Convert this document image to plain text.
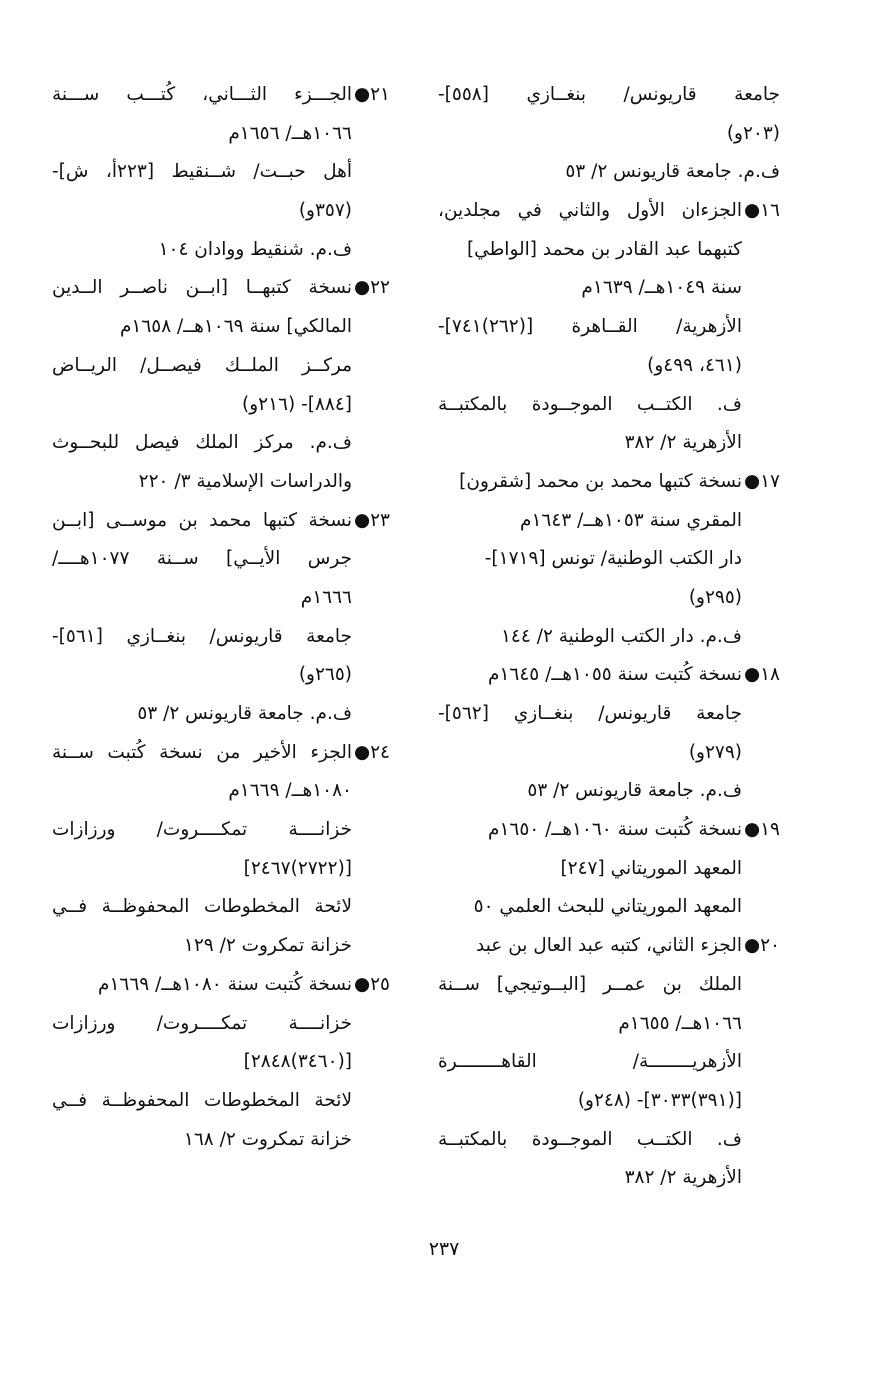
جامعة قاريونس/ بنغــازي [٥٥٨]-
(٢٠٣و)
ف.م. جامعة قاريونس ٢/ ٥٣
١٦●
الجزءان الأول والثاني في مجلدين،
كتبهما عبد القادر بن محمد [الواطي]
سنة ١٠٤٩هــ/ ١٦٣٩م
الأزهرية/ القــاهرة [(٢٦٢)٧٤١]-
(٤٦١، ٤٩٩و)
ف. الكتــب الموجــودة بالمكتبــة
الأزهرية ٢/ ٣٨٢
١٧●
نسخة كتبها محمد بن محمد [شقرون]
المقري سنة ١٠٥٣هــ/ ١٦٤٣م
دار الكتب الوطنية/ تونس [١٧١٩]-
(٢٩٥و)
ف.م. دار الكتب الوطنية ٢/ ١٤٤
١٨●
نسخة كُتبت سنة ١٠٥٥هــ/ ١٦٤٥م
جامعة قاريونس/ بنغــازي [٥٦٢]-
(٢٧٩و)
ف.م. جامعة قاريونس ٢/ ٥٣
١٩●
نسخة كُتبت سنة ١٠٦٠هــ/ ١٦٥٠م
المعهد الموريتاني [٢٤٧]
المعهد الموريتاني للبحث العلمي ٥٠
٢٠●
الجزء الثاني، كتبه عبد العال بن عبد
الملك بن عمــر [البــوتيجي] ســنة
١٠٦٦هــ/ ١٦٥٥م
الأزهريــــــــة/ القاهــــــــرة
[(٣٩١)٣٠٣٣]- (٢٤٨و)
ف. الكتــب الموجــودة بالمكتبــة
الأزهرية ٢/ ٣٨٢
٢١●
الجـــزء الثـــاني، كُتـــب ســـنة
١٠٦٦هــ/ ١٦٥٦م
أهل حبــت/ شــنقيط [٢٢٣أ، ش]-
(٣٥٧و)
ف.م. شنقيط ووادان ١٠٤
٢٢●
نسخة كتبهــا [ابــن ناصــر الــدين
المالكي] سنة ١٠٦٩هــ/ ١٦٥٨م
مركــز الملــك فيصــل/ الريــاض
[٨٨٤]- (٢١٦و)
ف.م. مركز الملك فيصل للبحــوث
والدراسات الإسلامية ٣/ ٢٢٠
٢٣●
نسخة كتبها محمد بن موســى [ابــن
جرس الأيــي] ســنة ١٠٧٧هــــ/
١٦٦٦م
جامعة قاريونس/ بنغــازي [٥٦١]-
(٢٦٥و)
ف.م. جامعة قاريونس ٢/ ٥٣
٢٤●
الجزء الأخير من نسخة كُتبت ســنة
١٠٨٠هــ/ ١٦٦٩م
خزانــــة تمكــــروت/ ورزازات
[(٢٧٢٢)٢٤٦٧]
لائحة المخطوطات المحفوظــة فــي
خزانة تمكروت ٢/ ١٢٩
٢٥●
نسخة كُتبت سنة ١٠٨٠هــ/ ١٦٦٩م
خزانــــة تمكــــروت/ ورزازات
[(٣٤٦٠)٢٨٤٨]
لائحة المخطوطات المحفوظــة فــي
خزانة تمكروت ٢/ ١٦٨
٢٣٧
